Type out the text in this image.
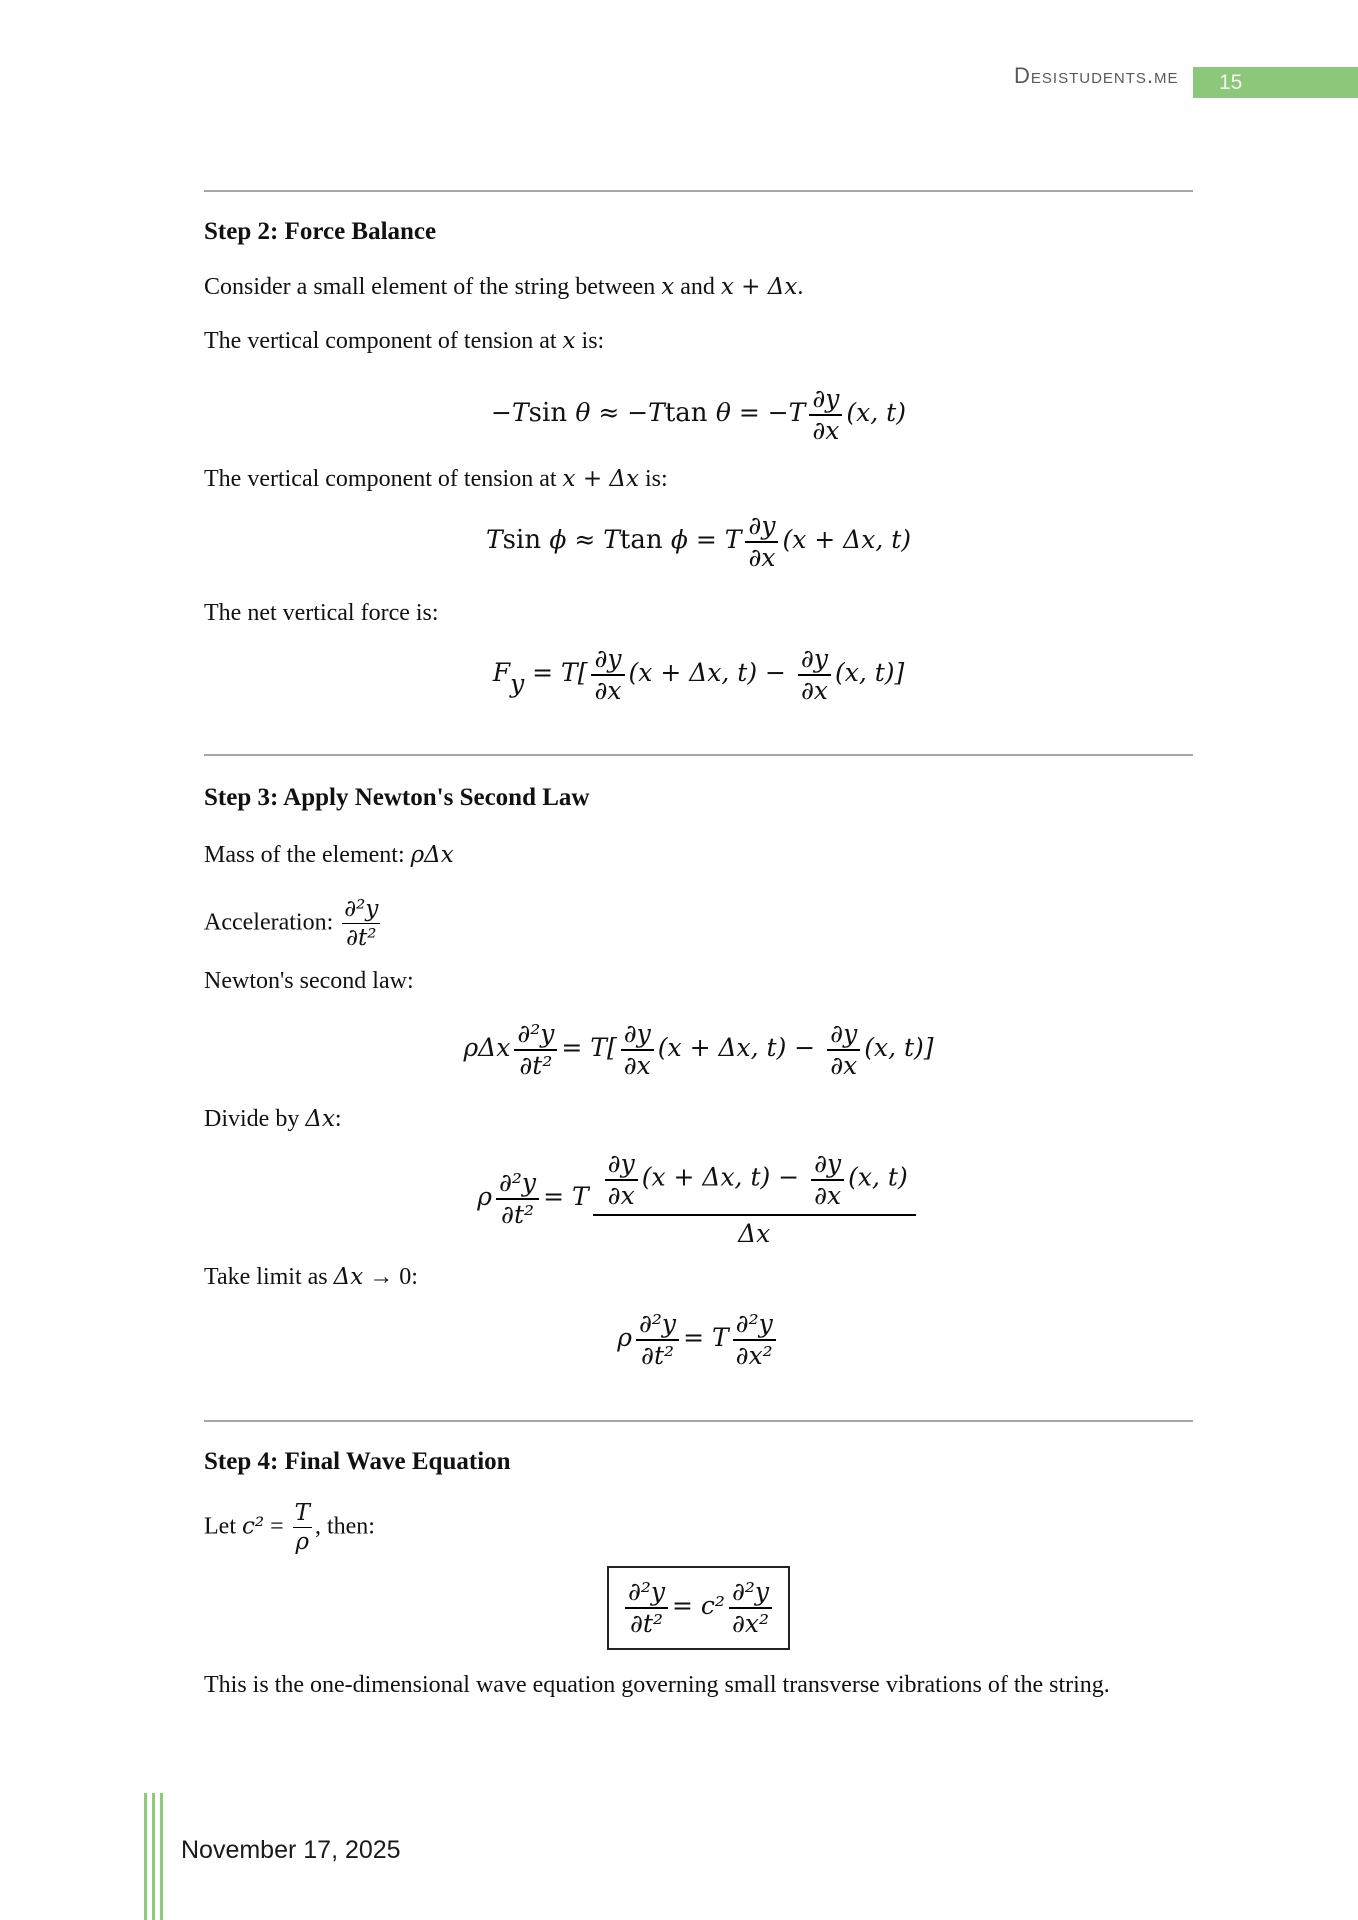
Desistudents.me	15
Step 2: Force Balance

Consider a small element of the string between x and x + Δx.

The vertical component of tension at x is:

−Tsin θ ≈ −Ttan $\theta = -T \frac{\partial y}{\partial x} (x$, t)

The vertical component of tension at x + Δx is:

Tsin ϕ ≈ Ttan ϕ = T $\frac{\partial y}{\partial x} (x + \Delta x$, t)

The net vertical force is:

$Fy = T[ \frac{\partial y}{\partial x} (x + \Delta x$, $t) - \frac{\partial y}{\partial x} (x$, t)]
Step 3: Apply Newton's Second Law

Mass of the element: ρΔx

Acceleration: $\frac{\text{∂²y}}{\text{∂t²}}$

Newton's second law:

ρΔx $\frac{\text{∂²y}}{\text{∂t²}} = T[ \frac{\partial y}{\partial x} (x + \Delta x$, $t) - \frac{\partial y}{\partial x} (x$, t)]

Divide by Δx:

ρ $\frac{\text{∂²y}}{\text{∂t²}} = T \frac{\frac{\partial y}{\partial x} (x + \Delta x, t) - \frac{\partial y}{\partial x} (x, t)}{\Delta x}$

Take limit as Δx → 0:

ρ $\frac{\text{∂²y}}{\text{∂t²}} = T \frac{\text{∂²y}}{\text{∂x²}}$
Step 4: Final Wave Equation

Let $c^2 = \frac{T}{\rho}$ , then:

$\frac{\text{∂²y}}{\text{∂t²}} = c^2 \frac{\text{∂²y}}{\text{∂x²}}$

This is the one-dimensional wave equation governing small transverse vibrations of the string.

November 17, 2025
